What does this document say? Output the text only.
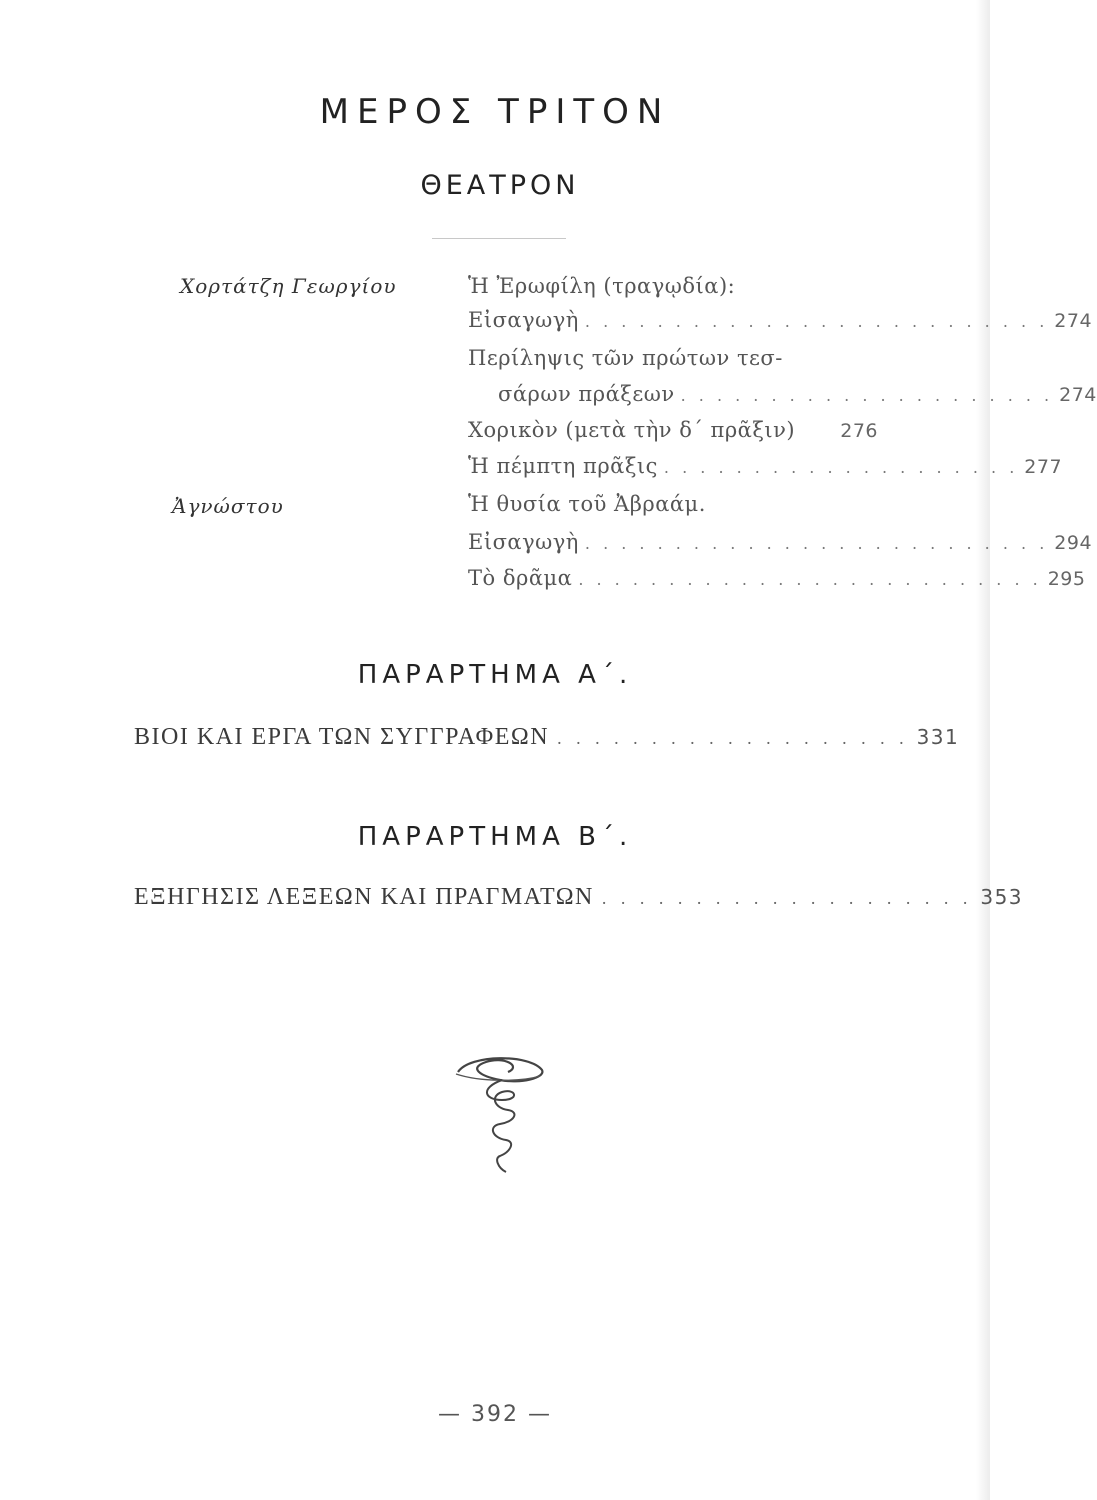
ΜΕΡΟΣ ΤΡΙΤΟΝ
ΘΕΑΤΡΟΝ
Χορτάτζη Γεωργίου	Ἡ Ἐρωφίλη (τραγῳδία):
Εἰσαγωγὴ . . . . . . . . . . . . . . . . . . . . . . . . . . 274
Περίληψις τῶν πρώτων τεσ-
σάρων πράξεων . . . . . . . . . . . . . . . . . . . . . 274
Χορικὸν (μετὰ τὴν δ΄ πρᾶξιν) 276
Ἡ πέμπτη πρᾶξις . . . . . . . . . . . . . . . . . . . . 277
Ἀγνώστου	Ἡ θυσία τοῦ Ἀβραάμ.
Εἰσαγωγὴ . . . . . . . . . . . . . . . . . . . . . . . . . . 294
Τὸ δρᾶμα . . . . . . . . . . . . . . . . . . . . . . . . . . 295
ΠΑΡΑΡΤΗΜΑ Α΄.
ΒΙΟΙ ΚΑΙ ΕΡΓΑ ΤΩΝ ΣΥΓΓΡΑΦΕΩΝ . . . . . . . . . . . . . . . . . . . 331
ΠΑΡΑΡΤΗΜΑ Β΄.
ΕΞΗΓΗΣΙΣ ΛΕΞΕΩΝ ΚΑΙ ΠΡΑΓΜΑΤΩΝ . . . . . . . . . . . . . . . . . . . . 353
— 392 —
